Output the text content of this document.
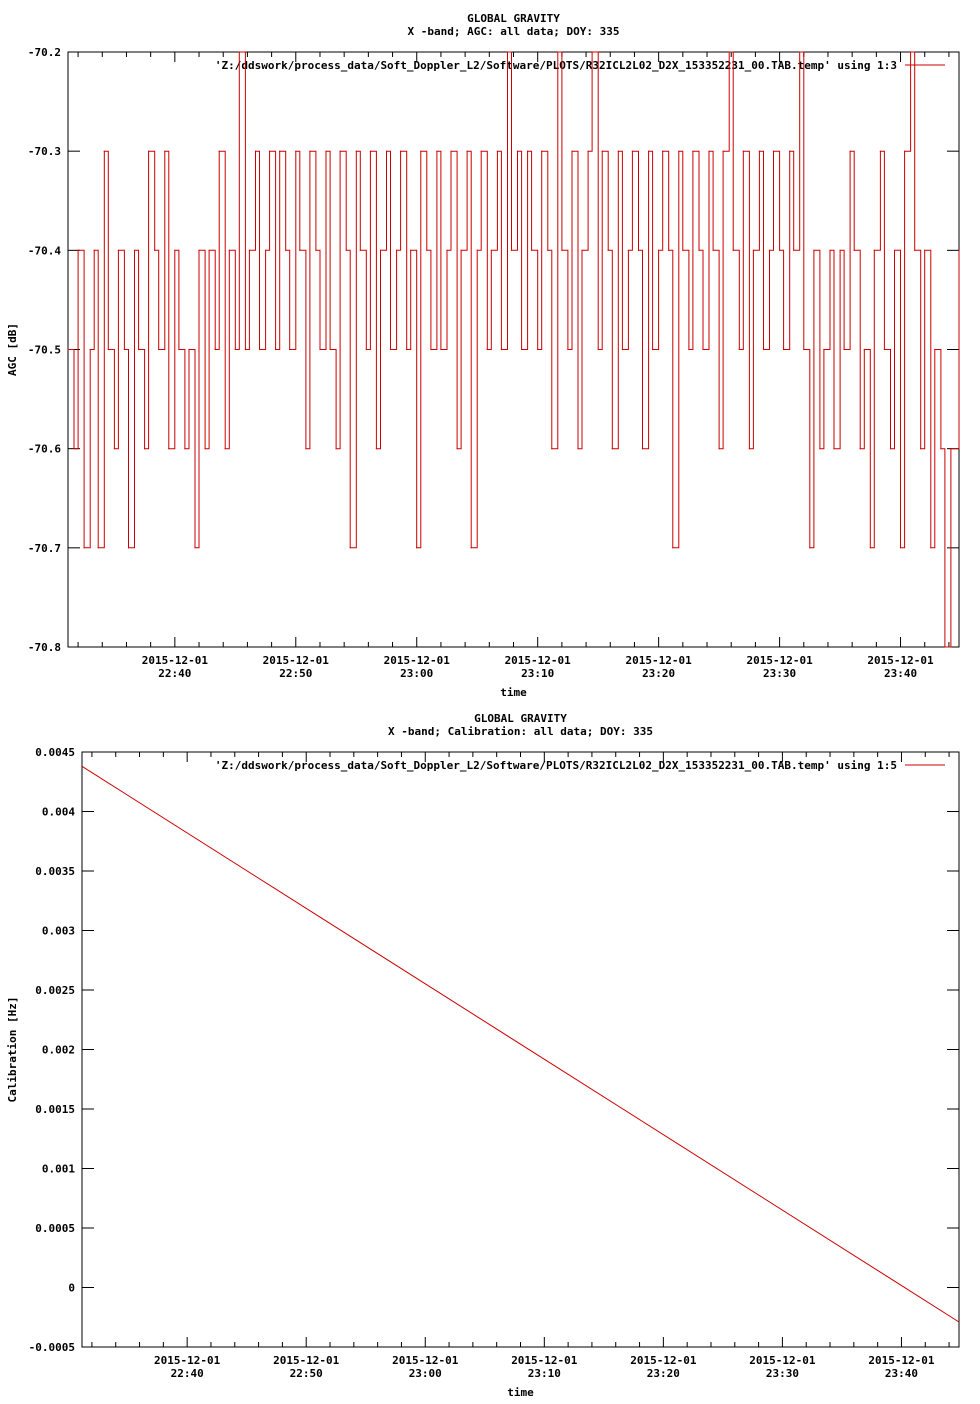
GLOBAL GRAVITY
X -band; AGC: all data; DOY: 335
-70.2
-70.3
-70.4
-70.5
-70.6
-70.7
-70.8
2015-12-01
22:40
2015-12-01
22:50
2015-12-01
23:00
2015-12-01
23:10
2015-12-01
23:20
2015-12-01
23:30
2015-12-01
23:40
time
AGC [dB]
'Z:/ddswork/process_data/Soft_Doppler_L2/Software/PLOTS/R32ICL2L02_D2X_153352231_00.TAB.temp' using 1:3
GLOBAL GRAVITY
X -band; Calibration: all data; DOY: 335
0.0045
0.004
0.0035
0.003
0.0025
0.002
0.0015
0.001
0.0005
0
-0.0005
2015-12-01
22:40
2015-12-01
22:50
2015-12-01
23:00
2015-12-01
23:10
2015-12-01
23:20
2015-12-01
23:30
2015-12-01
23:40
time
Calibration [Hz]
'Z:/ddswork/process_data/Soft_Doppler_L2/Software/PLOTS/R32ICL2L02_D2X_153352231_00.TAB.temp' using 1:5
